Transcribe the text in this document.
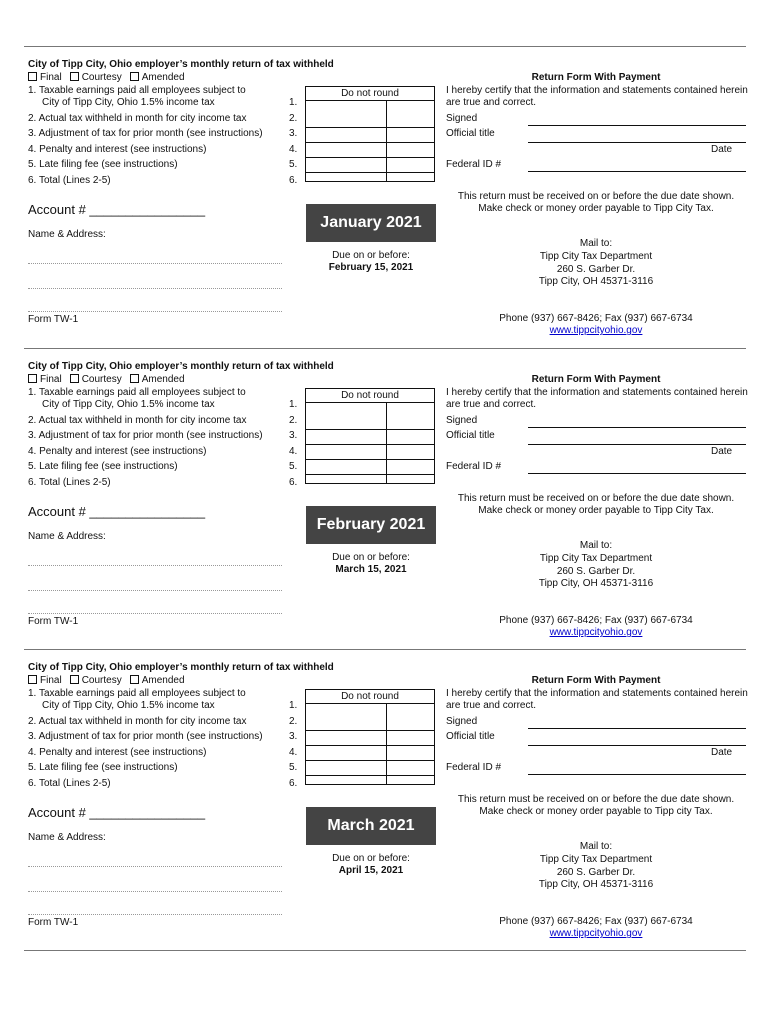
City of Tipp City, Ohio employer’s monthly return of tax withheld
Final Courtesy Amended
1. Taxable earnings paid all employees subject to
City of Tipp City, Ohio 1.5% income tax	1.
2. Actual tax withheld in month for city income tax	2.
3. Adjustment of tax for prior month (see instructions)	3.
4. Penalty and interest (see instructions)	4.
5. Late filing fee (see instructions)	5.
6. Total (Lines 2-5)	6.
Do not round
Account # ________________
Name & Address:
Form TW-1
January 2021
Due on or before:
February 15, 2021
Return Form With Payment
I hereby certify that the information and statements contained herein
are true and correct.
Signed
Official title
Date
Federal ID #
This return must be received on or before the due date shown.
Make check or money order payable to Tipp City Tax.
Mail to:
Tipp City Tax Department
260 S. Garber Dr.
Tipp City, OH 45371-3116
Phone (937) 667-8426; Fax (937) 667-6734
www.tippcityohio.gov
City of Tipp City, Ohio employer’s monthly return of tax withheld
Final Courtesy Amended
1. Taxable earnings paid all employees subject to
City of Tipp City, Ohio 1.5% income tax	1.
2. Actual tax withheld in month for city income tax	2.
3. Adjustment of tax for prior month (see instructions)	3.
4. Penalty and interest (see instructions)	4.
5. Late filing fee (see instructions)	5.
6. Total (Lines 2-5)	6.
Do not round
Account # ________________
Name & Address:
Form TW-1
February 2021
Due on or before:
March 15, 2021
Return Form With Payment
I hereby certify that the information and statements contained herein
are true and correct.
Signed
Official title
Date
Federal ID #
This return must be received on or before the due date shown.
Make check or money order payable to Tipp City Tax.
Mail to:
Tipp City Tax Department
260 S. Garber Dr.
Tipp City, OH 45371-3116
Phone (937) 667-8426; Fax (937) 667-6734
www.tippcityohio.gov
City of Tipp City, Ohio employer’s monthly return of tax withheld
Final Courtesy Amended
1. Taxable earnings paid all employees subject to
City of Tipp City, Ohio 1.5% income tax	1.
2. Actual tax withheld in month for city income tax	2.
3. Adjustment of tax for prior month (see instructions)	3.
4. Penalty and interest (see instructions)	4.
5. Late filing fee (see instructions)	5.
6. Total (Lines 2-5)	6.
Do not round
Account # ________________
Name & Address:
Form TW-1
March 2021
Due on or before:
April 15, 2021
Return Form With Payment
I hereby certify that the information and statements contained herein
are true and correct.
Signed
Official title
Date
Federal ID #
This return must be received on or before the due date shown.
Make check or money order payable to Tipp city Tax.
Mail to:
Tipp City Tax Department
260 S. Garber Dr.
Tipp City, OH 45371-3116
Phone (937) 667-8426; Fax (937) 667-6734
www.tippcityohio.gov
